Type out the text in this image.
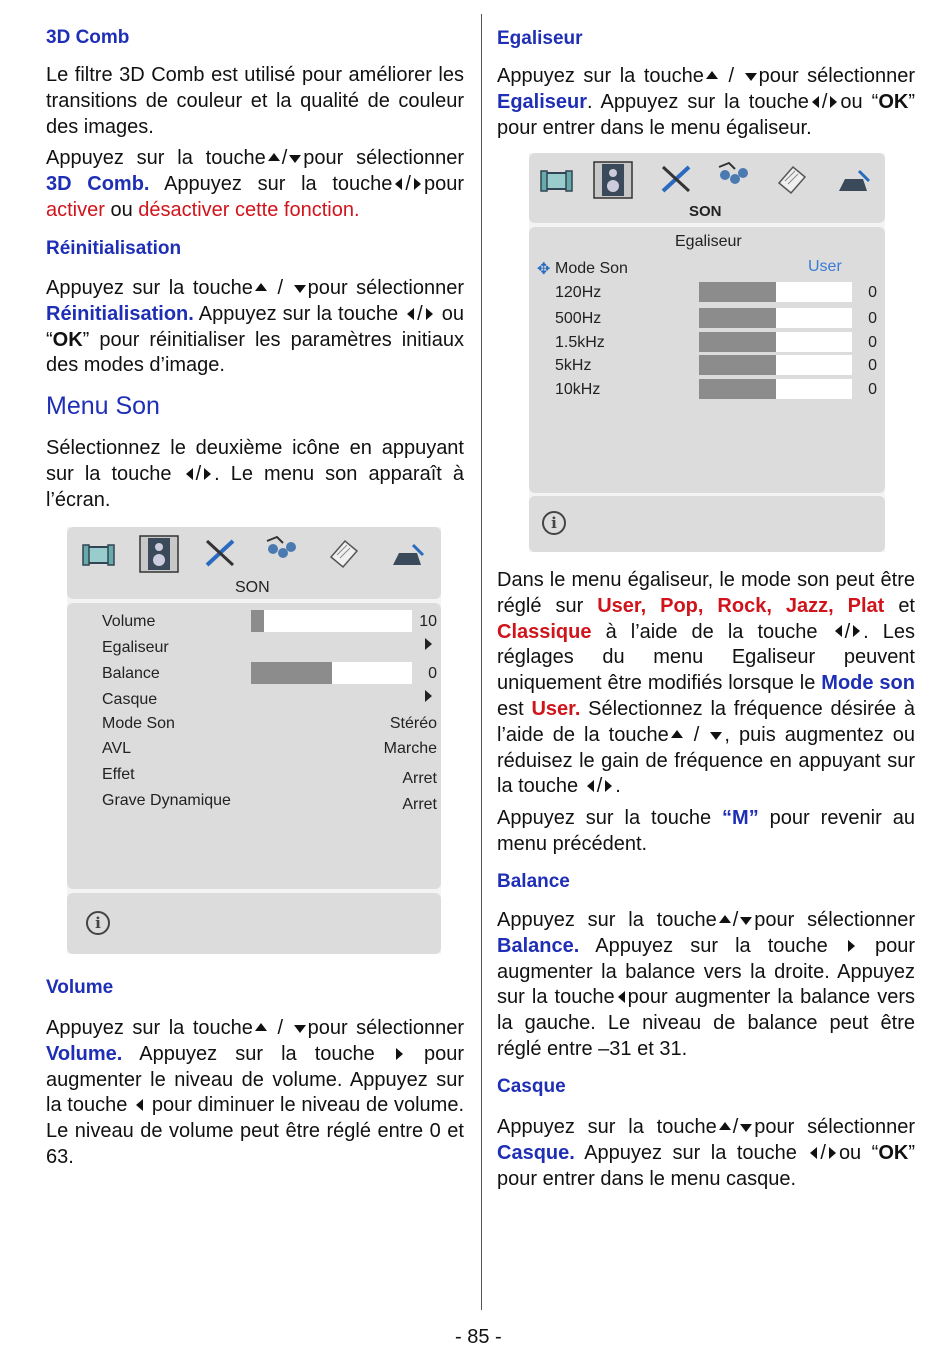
3D Comb
Le filtre 3D Comb est utilisé pour améliorer les transitions de couleur et la qualité de couleur des images.
Appuyez sur la touche / pour sélectionner 3D Comb. Appuyez sur la touche / pour activer ou désactiver cette fonction.
Réinitialisation
Appuyez sur la touche / pour sélectionner Réinitialisation. Appuyez sur la touche / ou “OK” pour réinitialiser les paramètres initiaux des modes d’image.
Menu Son
Sélectionnez le deuxième icône en appuyant sur la touche / . Le menu son apparaît à l’écran.
Volume
Appuyez sur la touche / pour sélectionner Volume. Appuyez sur la touche pour augmenter le niveau de volume. Appuyez sur la touche pour diminuer le niveau de volume. Le niveau de volume peut être réglé entre 0 et 63.
SON
Volume	10
Egaliseur
Balance	0
Casque
Mode Son	Stéréo
AVL	Marche
Effet	Arret
Grave Dynamique	Arret
i
Egaliseur
Appuyez sur la touche / pour sélectionner Egaliseur. Appuyez sur la touche / ou “OK” pour entrer dans le menu égaliseur.
Dans le menu égaliseur, le mode son peut être réglé sur User, Pop, Rock, Jazz, Plat et Classique à l’aide de la touche / . Les réglages du menu Egaliseur peuvent uniquement être modifiés lorsque le Mode son est User. Sélectionnez la fréquence désirée à l’aide de la touche / , puis augmentez ou réduisez le gain de fréquence en appuyant sur la touche / .
Appuyez sur la touche “M” pour revenir au menu précédent.
Balance
Appuyez sur la touche / pour sélectionner Balance. Appuyez sur la touche pour augmenter la balance vers la droite. Appuyez sur la touche pour augmenter la balance vers la gauche. Le niveau de balance peut être réglé entre –31 et 31.
Casque
Appuyez sur la touche / pour sélectionner Casque. Appuyez sur la touche / ou “OK” pour entrer dans le menu casque.
SON
Egaliseur
✥ Mode Son	User
120Hz	0
500Hz	0
1.5kHz	0
5kHz	0
10kHz	0
i
- 85 -
